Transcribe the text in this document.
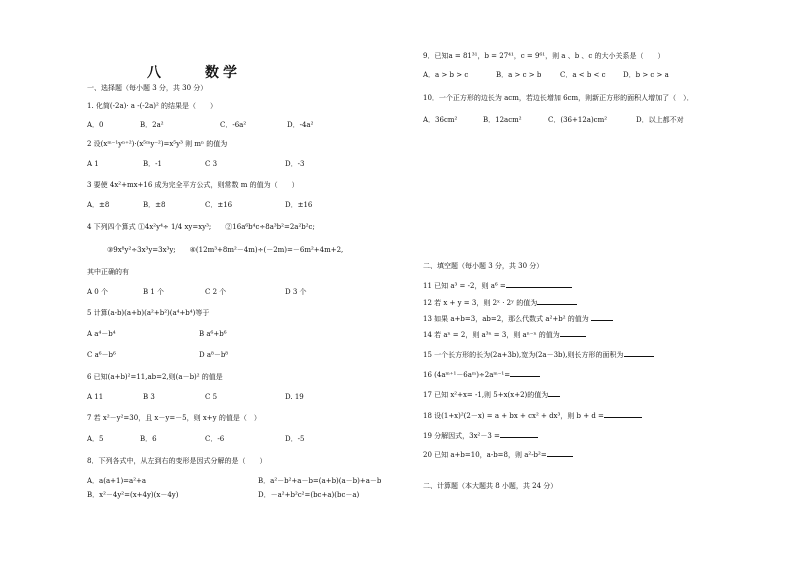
八	数学
一、选择题（每小题 3 分，共 30 分）
1. 化简(-2a)· a -(-2a)² 的结果是（　　）
A．0	B．2a²	C．-6a²	D．-4a²
2 设(xᵐ⁻¹yⁿ⁺²)·(x⁵ᵐy⁻²)=x⁵y³ 则 mⁿ 的值为
A 1	B．-1	C 3	D．-3
3 要使 4x²+mx+16 成为完全平方公式，则常数 m 的值为（　　）
A．±8	B．±8	C．±16	D．±16
4 下列四个算式 ①4x²y⁴÷ 1/4 xy=xy³;　　②16a⁶b⁴c÷8a³b²=2a²b²c;
③9x⁸y²÷3x³y=3x³y;　　④(12m³+8m²－4m)÷(－2m)=－6m²+4m+2,
其中正确的有
A 0 个	B 1 个	C 2 个	D 3 个
5 计算(a-b)(a+b)(a²+b²)(a⁴+b⁴)等于
A a⁴－b⁴	B a⁶+b⁶
C a⁶－b⁶	D a⁸－b⁸
6 已知(a+b)²=11,ab=2,则(a－b)² 的值是
A 11	B 3	C 5	D. 19
7 若 x²－y²=30，且 x－y=－5，则 x+y 的值是（　）
A．5	B．6	C．-6	D．-5
8．下列各式中，从左到右的变形是因式分解的是（　　）
A．a(a+1)=a²+a	B．a²－b²+a－b=(a+b)(a－b)+a－b
B．x²－4y²=(x+4y)(x－4y)	D．－a²+b²c²=(bc+a)(bc－a)
9．已知a = 81³¹，b = 27⁴¹，c = 9⁶¹，则 a 、b 、c 的大小关系是（　　）
A．a > b > c	B．a > c > b	C．a < b < c D．b > c > a
10．一个正方形的边长为 acm，若边长增加 6cm，则新正方形的面积人增加了（　）．
A．36cm²	B．12acm²	C．(36+12a)cm²	D．以上都不对
二、填空题（每小题 3 分，共 30 分）
11 已知 a³ = -2，则 a⁶ =
12 若 x + y = 3，则 2ˣ · 2ʸ 的值为
13 如果 a+b=3，ab=2，那么代数式 a²+b² 的值为
14 若 aⁿ = 2，则 a³ⁿ = 3，则 aⁿ⁻ⁿ 的值为
15 一个长方形的长为(2a+3b),宽为(2a－3b),则长方形的面积为
16 (4aᵐ⁺¹－6aᵐ)÷2aᵐ⁻¹=
17 已知 x²+x= -1,则 5+x(x+2)的值为
18 设(1+x)²(2－x) = a + bx + cx² + dx³，则 b + d =
19 分解因式，3x²－3 =
20 已知 a+b=10，a-b=8，则 a²-b²=
二、计算题（本大题共 8 小题，共 24 分）
